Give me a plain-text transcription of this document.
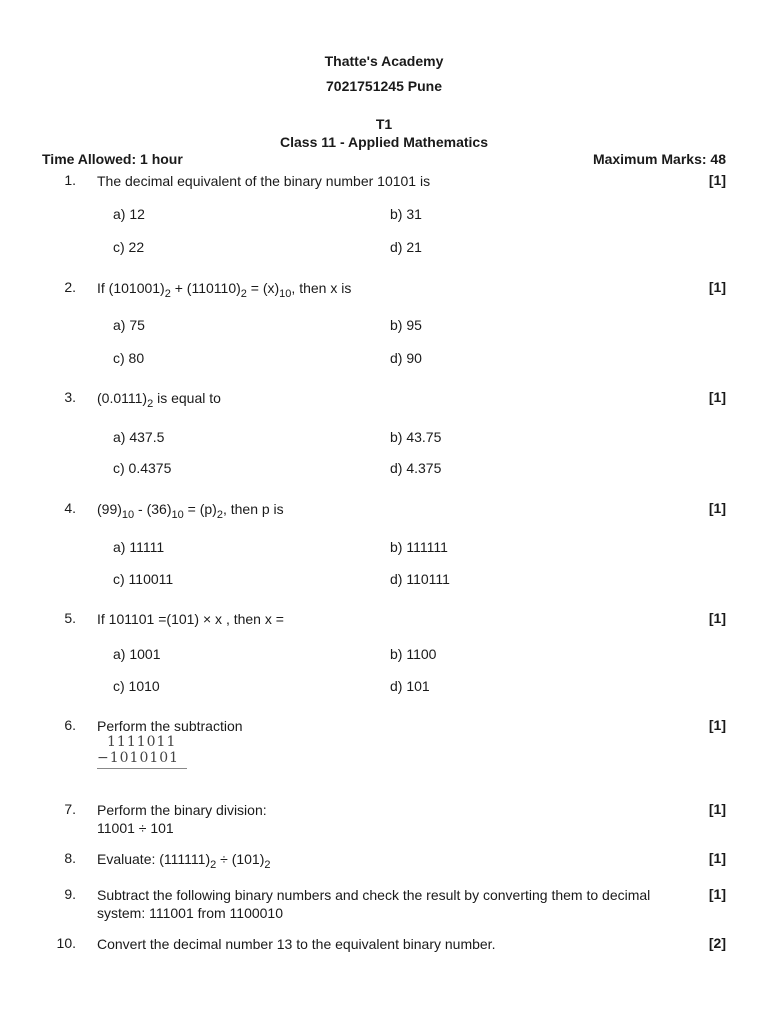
Thatte's Academy
7021751245 Pune
T1
Class 11 - Applied Mathematics
Time Allowed: 1 hour	Maximum Marks: 48
1. The decimal equivalent of the binary number 10101 is	[1]
a) 12	b) 31
c) 22	d) 21
2. If $(101001)_2 + (110110)_2 = (x)_{10}$, then x is	[1]
a) 75	b) 95
c) 80	d) 90
3. $(0.0111)_2$ is equal to	[1]
a) 437.5	b) 43.75
c) 0.4375	d) 4.375
4. $(99)_{10} - (36)_{10} = (p)_2$, then p is	[1]
a) 11111	b) 111111
c) 110011	d) 110111
5. If 101101 =(101) × x , then x =	[1]
a) 1001	b) 1100
c) 1010	d) 101
6. Perform the subtraction	[1]
1111011
−1010101
7. Perform the binary division:
11001 ÷ 101
[1]
8. Evaluate: $(111111)_2 \div (101)_2$	[1]
9. Subtract the following binary numbers and check the result by converting them to decimal system: 111001 from 1100010
[1]
10. Convert the decimal number 13 to the equivalent binary number.	[2]
